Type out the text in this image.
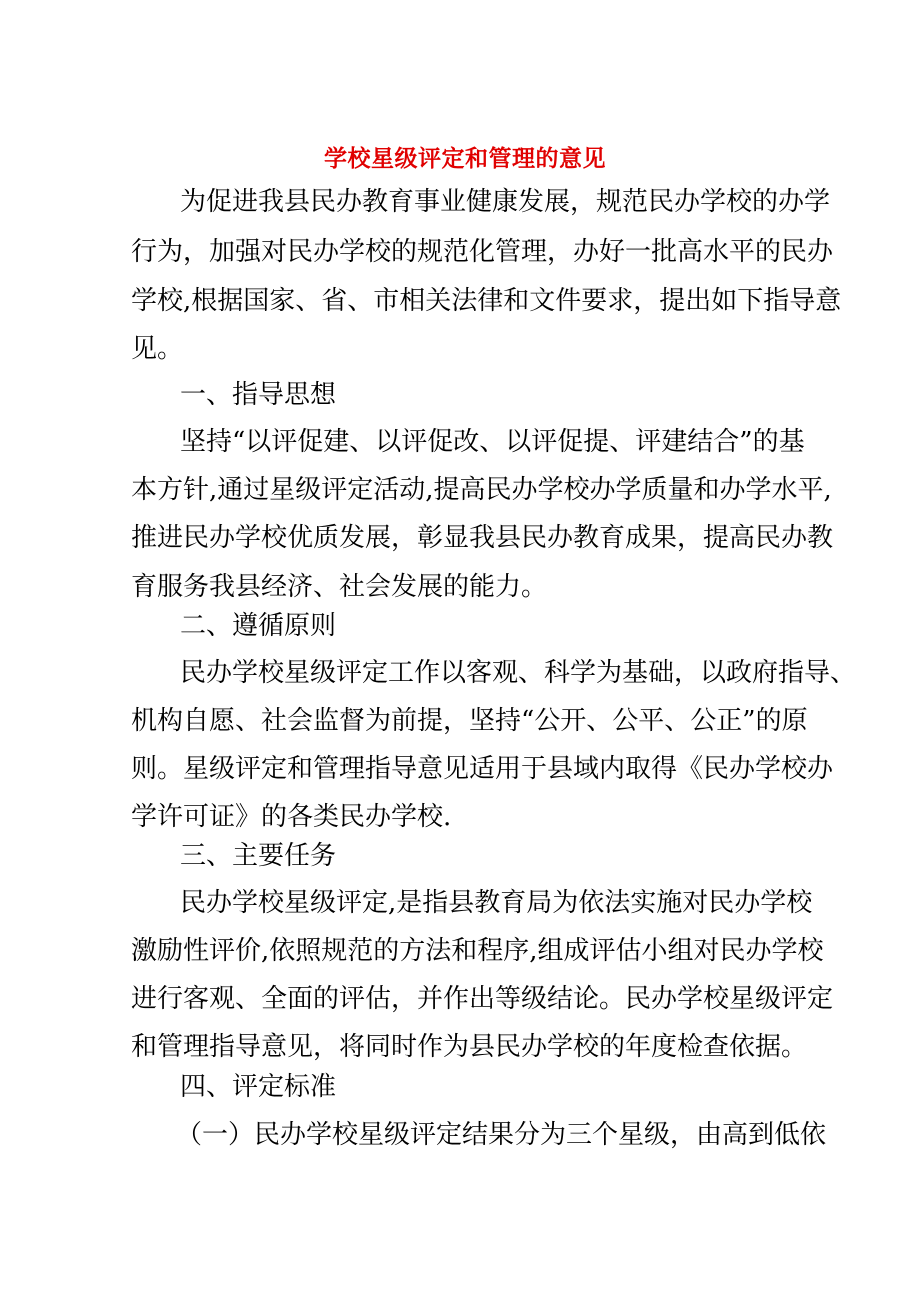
学校星级评定和管理的意见
为促进我县民办教育事业健康发展，规范民办学校的办学
行为，加强对民办学校的规范化管理，办好一批高水平的民办
学校,根据国家、省、市相关法律和文件要求，提出如下指导意
见。
一、指导思想
坚持“以评促建、以评促改、以评促提、评建结合”的基
本方针,通过星级评定活动,提高民办学校办学质量和办学水平,
推进民办学校优质发展，彰显我县民办教育成果，提高民办教
育服务我县经济、社会发展的能力。
二、遵循原则
民办学校星级评定工作以客观、科学为基础，以政府指导、
机构自愿、社会监督为前提，坚持“公开、公平、公正”的原
则。星级评定和管理指导意见适用于县域内取得《民办学校办
学许可证》的各类民办学校.
三、主要任务
民办学校星级评定,是指县教育局为依法实施对民办学校
激励性评价,依照规范的方法和程序,组成评估小组对民办学校
进行客观、全面的评估，并作出等级结论。民办学校星级评定
和管理指导意见，将同时作为县民办学校的年度检查依据。
四、评定标准
（一）民办学校星级评定结果分为三个星级，由高到低依
